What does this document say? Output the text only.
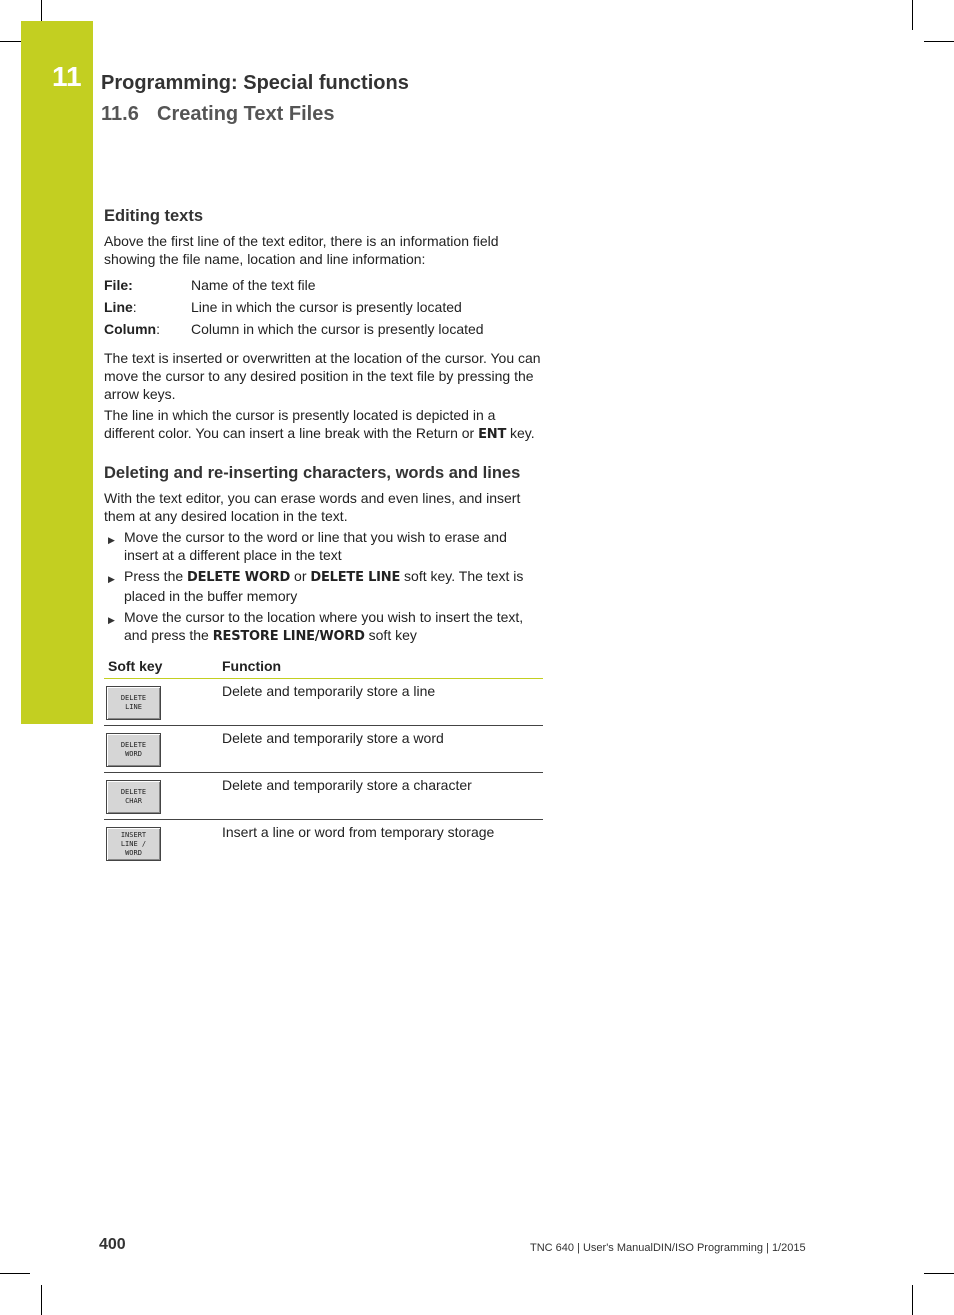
11 Programming: Special functions
11.6 Creating Text Files
Editing texts

Above the first line of the text editor, there is an information field showing the file name, location and line information:

File:	Name of the text file
Line:	Line in which the cursor is presently located
Column:	Column in which the cursor is presently located

The text is inserted or overwritten at the location of the cursor. You can move the cursor to any desired position in the text file by pressing the arrow keys.

The line in which the cursor is presently located is depicted in a different color. You can insert a line break with the Return or ENT key.

Deleting and re-inserting characters, words and lines

With the text editor, you can erase words and even lines, and insert them at any desired location in the text.

▶ Move the cursor to the word or line that you wish to erase and insert at a different place in the text
▶ Press the DELETE WORD or DELETE LINE soft key. The text is placed in the buffer memory
▶ Move the cursor to the location where you wish to insert the text, and press the RESTORE LINE/WORD soft key
Soft key	Function

DELETE
LINE	Delete and temporarily store a line

DELETE
WORD	Delete and temporarily store a word

DELETE
CHAR	Delete and temporarily store a character

INSERT
LINE /
WORD	Insert a line or word from temporary storage
400	TNC 640 | User's ManualDIN/ISO Programming | 1/2015
